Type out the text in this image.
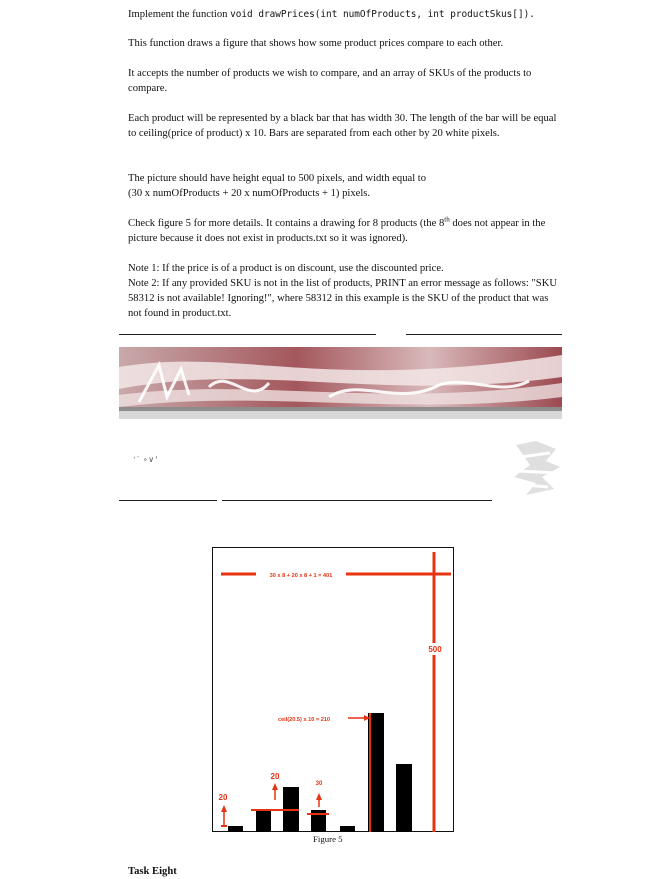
Implement the function void drawPrices(int numOfProducts, int productSkus[]).

This function draws a figure that shows how some product prices compare to each other.

It accepts the number of products we wish to compare, and an array of SKUs of the products to compare.

Each product will be represented by a black bar that has width 30. The length of the bar will be equal to ceiling(price of product) x 10. Bars are separated from each other by 20 white pixels.

The picture should have height equal to 500 pixels, and width equal to
(30 x numOfProducts + 20 x numOfProducts + 1) pixels.

Check figure 5 for more details. It contains a drawing for 8 products (the 8th does not appear in the picture because it does not exist in products.txt so it was ignored).

Note 1: If the price is of a product is on discount, use the discounted price.

Note 2: If any provided SKU is not in the list of products, PRINT an error message as follows: "SKU 58312 is not available! Ignoring!", where 58312 in this example is the SKU of the product that was not found in product.txt.

ʻ´ ∘∨ʼ
30 x 8 + 20 x 8 + 1 = 401
500
ceil(20.5) x 10 = 210
20
20
30
Figure 5
Task Eight
